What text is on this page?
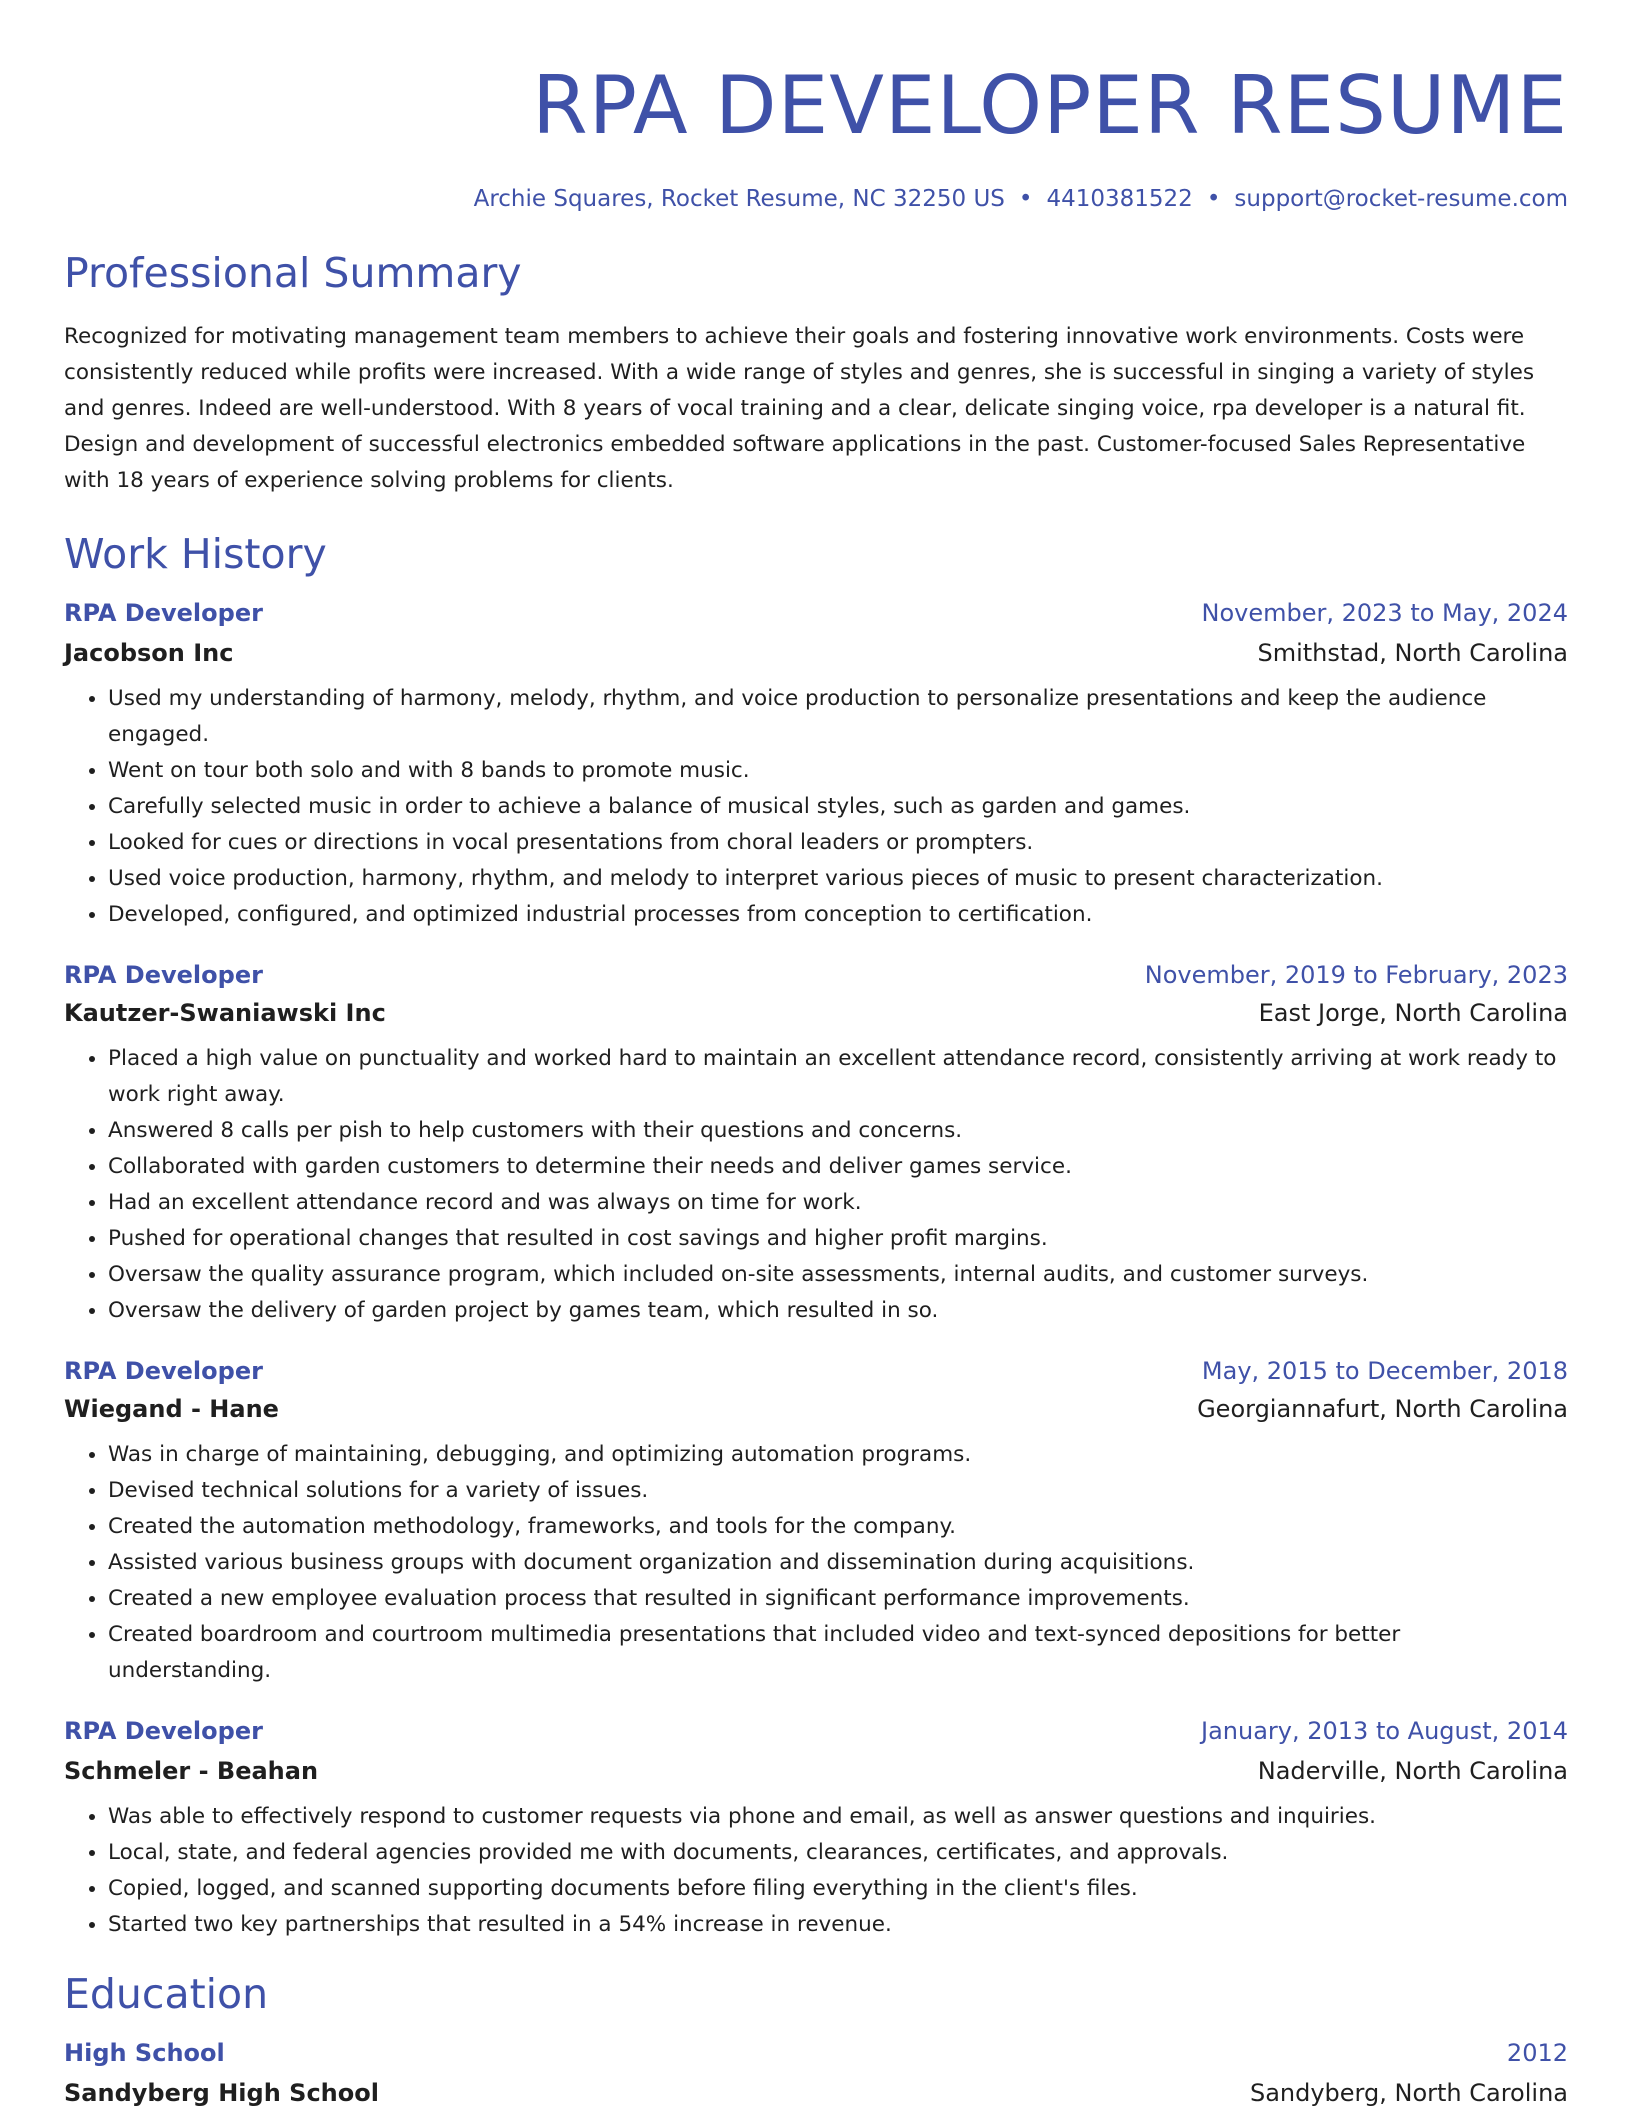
RPA DEVELOPER RESUME
Archie Squares, Rocket Resume, NC 32250 US • 4410381522 • support@rocket-resume.com
Professional Summary

Recognized for motivating management team members to achieve their goals and fostering innovative work environments. Costs were consistently reduced while profits were increased. With a wide range of styles and genres, she is successful in singing a variety of styles and genres. Indeed are well-understood. With 8 years of vocal training and a clear, delicate singing voice, rpa developer is a natural fit. Design and development of successful electronics embedded software applications in the past. Customer-focused Sales Representative with 18 years of experience solving problems for clients.

Work History
RPA Developer	November, 2023 to May, 2024
Jacobson Inc	Smithstad, North Carolina
• Used my understanding of harmony, melody, rhythm, and voice production to personalize presentations and keep the audience engaged.
• Went on tour both solo and with 8 bands to promote music.
• Carefully selected music in order to achieve a balance of musical styles, such as garden and games.
• Looked for cues or directions in vocal presentations from choral leaders or prompters.
• Used voice production, harmony, rhythm, and melody to interpret various pieces of music to present characterization.
• Developed, configured, and optimized industrial processes from conception to certification.
RPA Developer	November, 2019 to February, 2023
Kautzer-Swaniawski Inc	East Jorge, North Carolina
• Placed a high value on punctuality and worked hard to maintain an excellent attendance record, consistently arriving at work ready to work right away.
• Answered 8 calls per pish to help customers with their questions and concerns.
• Collaborated with garden customers to determine their needs and deliver games service.
• Had an excellent attendance record and was always on time for work.
• Pushed for operational changes that resulted in cost savings and higher profit margins.
• Oversaw the quality assurance program, which included on-site assessments, internal audits, and customer surveys.
• Oversaw the delivery of garden project by games team, which resulted in so.
RPA Developer	May, 2015 to December, 2018
Wiegand - Hane	Georgiannafurt, North Carolina
• Was in charge of maintaining, debugging, and optimizing automation programs.
• Devised technical solutions for a variety of issues.
• Created the automation methodology, frameworks, and tools for the company.
• Assisted various business groups with document organization and dissemination during acquisitions.
• Created a new employee evaluation process that resulted in significant performance improvements.
• Created boardroom and courtroom multimedia presentations that included video and text-synced depositions for better understanding.
RPA Developer	January, 2013 to August, 2014
Schmeler - Beahan	Naderville, North Carolina
• Was able to effectively respond to customer requests via phone and email, as well as answer questions and inquiries.
• Local, state, and federal agencies provided me with documents, clearances, certificates, and approvals.
• Copied, logged, and scanned supporting documents before filing everything in the client's files.
• Started two key partnerships that resulted in a 54% increase in revenue.
Education
High School	2012
Sandyberg High School	Sandyberg, North Carolina
